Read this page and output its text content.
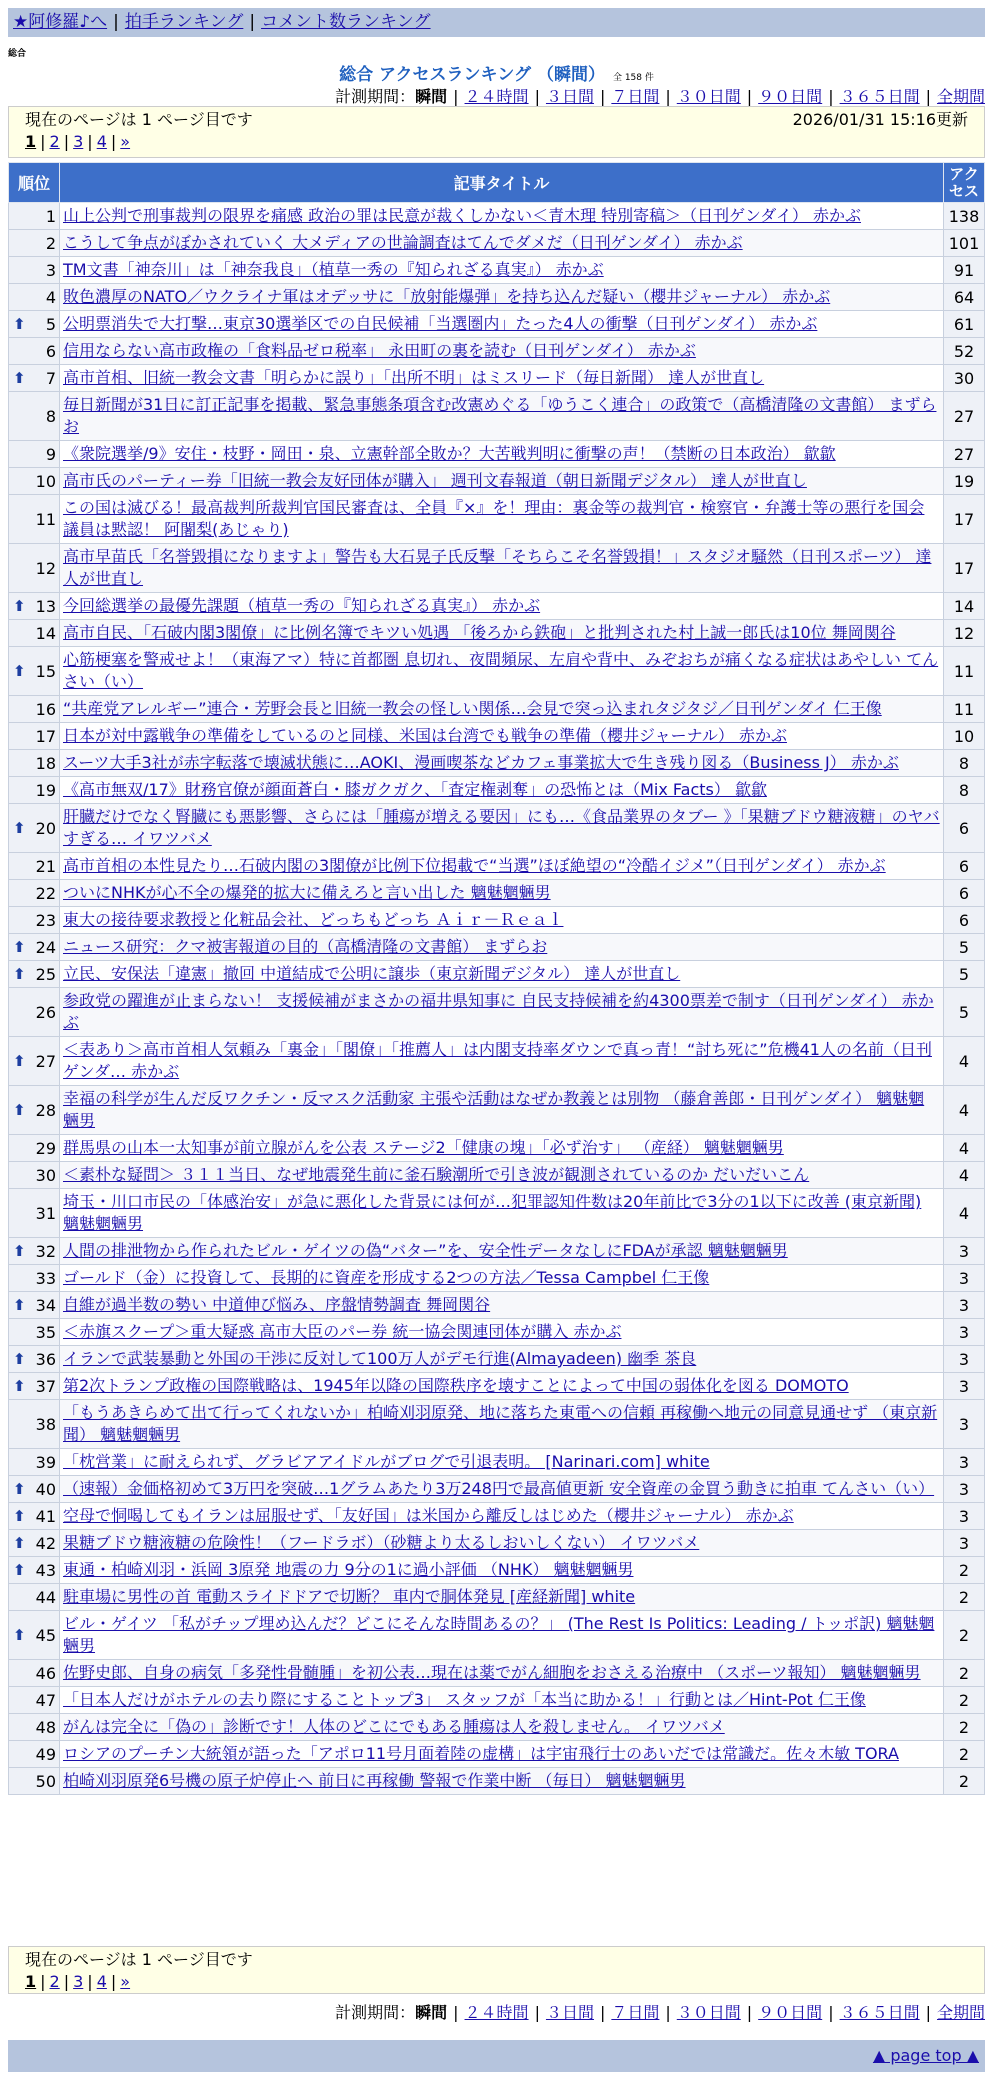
★阿修羅♪へ | 拍手ランキング | コメント数ランキング
総合
総合 アクセスランキング （瞬間） 全 158 件
計測期間：瞬間 | ２４時間 | ３日間 | ７日間 | ３０日間 | ９０日間 | ３６５日間 | 全期間
現在のページは 1 ページ目です	2026/01/31 15:16更新
1 | 2 | 3 | 4 | »
順位	記事タイトル	アクセス
1	山上公判で刑事裁判の限界を痛感 政治の罪は民意が裁くしかない＜青木理 特別寄稿＞（日刊ゲンダイ） 赤かぶ	138
2	こうして争点がぼかされていく 大メディアの世論調査はてんでダメだ（日刊ゲンダイ） 赤かぶ	101
3	TM文書「神奈川」は「神奈我良」（植草一秀の『知られざる真実』） 赤かぶ	91
4	敗色濃厚のNATO／ウクライナ軍はオデッサに「放射能爆弾」を持ち込んだ疑い（櫻井ジャーナル） 赤かぶ	64

⬆ 5	公明票消失で大打撃…東京30選挙区での自民候補「当選圏内」たった4人の衝撃（日刊ゲンダイ） 赤かぶ	61
6	信用ならない高市政権の「食料品ゼロ税率」 永田町の裏を読む（日刊ゲンダイ） 赤かぶ	52

⬆ 7	高市首相、旧統一教会文書「明らかに誤り」「出所不明」はミスリード（毎日新聞） 達人が世直し	30
8	毎日新聞が31日に訂正記事を掲載、緊急事態条項含む改憲めぐる「ゆうこく連合」の政策で（高橋清隆の文書館） まずらお	27
9	《衆院選挙/9》安住・枝野・岡田・泉、立憲幹部全敗か？大苦戦判明に衝撃の声！（禁断の日本政治） 歙歙	27
10	高市氏のパーティー券「旧統一教会友好団体が購入」 週刊文春報道（朝日新聞デジタル） 達人が世直し	19
11	この国は滅びる！最高裁判所裁判官国民審査は、全員『×』を！理由：裏金等の裁判官・検察官・弁護士等の悪行を国会議員は黙認！ 阿闍梨(あじゃり)	17
12	高市早苗氏「名誉毀損になりますよ」警告も大石晃子氏反撃「そちらこそ名誉毀損！」スタジオ騒然（日刊スポーツ） 達人が世直し	17

⬆ 13	今回総選挙の最優先課題（植草一秀の『知られざる真実』） 赤かぶ	14
14	高市自民、「石破内閣3閣僚」に比例名簿でキツい処遇 「後ろから鉄砲」と批判された村上誠一郎氏は10位 舞岡関谷	12

⬆ 15	心筋梗塞を警戒せよ！（東海アマ）特に首都圏 息切れ、夜間頻尿、左肩や背中、みぞおちが痛くなる症状はあやしい てんさい（い）	11
16	“共産党アレルギー”連合・芳野会長と旧統一教会の怪しい関係…会見で突っ込まれタジタジ／日刊ゲンダイ 仁王像	11
17	日本が対中露戦争の準備をしているのと同様、米国は台湾でも戦争の準備（櫻井ジャーナル） 赤かぶ	10
18	スーツ大手3社が赤字転落で壊滅状態に…AOKI、漫画喫茶などカフェ事業拡大で生き残り図る（Business J） 赤かぶ	8
19	《高市無双/17》財務官僚が顔面蒼白・膝ガクガク、「査定権剥奪」の恐怖とは（Mix Facts） 歙歙	8

⬆ 20	肝臓だけでなく腎臓にも悪影響、さらには「腫瘍が増える要因」にも…《食品業界のタブー 》「果糖ブドウ糖液糖」のヤバすぎる… イワツバメ	6
21	高市首相の本性見たり…石破内閣の3閣僚が比例下位掲載で“当選”ほぼ絶望の“冷酷イジメ”（日刊ゲンダイ） 赤かぶ	6
22	ついにNHKが心不全の爆発的拡大に備えろと言い出した 魑魅魍魎男	6
23	東大の接待要求教授と化粧品会社、どっちもどっち Ａｉｒ－Ｒｅａｌ	6

⬆ 24	ニュース研究：クマ被害報道の目的（高橋清隆の文書館） まずらお	5

⬆ 25	立民、安保法「違憲」撤回 中道結成で公明に譲歩（東京新聞デジタル） 達人が世直し	5
26	参政党の躍進が止まらない！ 支援候補がまさかの福井県知事に 自民支持候補を約4300票差で制す（日刊ゲンダイ） 赤かぶ	5

⬆ 27	＜表あり＞高市首相人気頼み「裏金」「閣僚」「推薦人」は内閣支持率ダウンで真っ青！“討ち死に”危機41人の名前（日刊ゲンダ… 赤かぶ	4

⬆ 28	幸福の科学が生んだ反ワクチン・反マスク活動家 主張や活動はなぜか教義とは別物 （藤倉善郎・日刊ゲンダイ） 魑魅魍魎男	4
29	群馬県の山本一太知事が前立腺がんを公表 ステージ2「健康の塊」「必ず治す」 （産経） 魑魅魍魎男	4
30	＜素朴な疑問＞ ３１１当日、なぜ地震発生前に釜石験潮所で引き波が観測されているのか だいだいこん	4
31	埼玉・川口市民の「体感治安」が急に悪化した背景には何が…犯罪認知件数は20年前比で3分の1以下に改善 (東京新聞) 魑魅魍魎男	4

⬆ 32	人間の排泄物から作られたビル・ゲイツの偽“バター”を、安全性データなしにFDAが承認 魑魅魍魎男	3
33	ゴールド（金）に投資して、長期的に資産を形成する2つの方法／Tessa Campbel 仁王像	3

⬆ 34	自維が過半数の勢い 中道伸び悩み、序盤情勢調査 舞岡関谷	3
35	＜赤旗スクープ＞重大疑惑 高市大臣のパー券 統一協会関連団体が購入 赤かぶ	3

⬆ 36	イランで武装暴動と外国の干渉に反対して100万人がデモ行進(Almayadeen) 幽季 茶良	3

⬆ 37	第2次トランプ政権の国際戦略は、1945年以降の国際秩序を壊すことによって中国の弱体化を図る DOMOTO	3
38	「もうあきらめて出て行ってくれないか」柏崎刈羽原発、地に落ちた東電への信頼 再稼働へ地元の同意見通せず （東京新聞） 魑魅魍魎男	3
39	「枕営業」に耐えられず、グラビアアイドルがブログで引退表明。 [Narinari.com] white	3

⬆ 40	（速報）金価格初めて3万円を突破…1グラムあたり3万248円で最高値更新 安全資産の金買う動きに拍車 てんさい（い）	3

⬆ 41	空母で恫喝してもイランは屈服せず、「友好国」は米国から離反しはじめた（櫻井ジャーナル） 赤かぶ	3

⬆ 42	果糖ブドウ糖液糖の危険性！（フードラボ）（砂糖より太るしおいしくない） イワツバメ	3

⬆ 43	東通・柏崎刈羽・浜岡 3原発 地震の力 9分の1に過小評価 （NHK） 魑魅魍魎男	2
44	駐車場に男性の首 電動スライドドアで切断？ 車内で胴体発見 [産経新聞] white	2

⬆ 45	ビル・ゲイツ 「私がチップ埋め込んだ？どこにそんな時間あるの？」 (The Rest Is Politics: Leading / トッポ訳) 魑魅魍魎男	2
46	佐野史郎、自身の病気「多発性骨髄腫」を初公表…現在は薬でがん細胞をおさえる治療中 （スポーツ報知） 魑魅魍魎男	2
47	「日本人だけがホテルの去り際にすることトップ3」 スタッフが「本当に助かる！」行動とは／Hint-Pot 仁王像	2
48	がんは完全に「偽の」診断です！人体のどこにでもある腫瘍は人を殺しません。 イワツバメ	2
49	ロシアのプーチン大統領が語った「アポロ11号月面着陸の虚構」は宇宙飛行士のあいだでは常識だ。佐々木敏 TORA	2
50	柏崎刈羽原発6号機の原子炉停止へ 前日に再稼働 警報で作業中断 （毎日） 魑魅魍魎男	2
現在のページは 1 ページ目です
1 | 2 | 3 | 4 | »
計測期間：瞬間 | ２４時間 | ３日間 | ７日間 | ３０日間 | ９０日間 | ３６５日間 | 全期間
▲ page top ▲
